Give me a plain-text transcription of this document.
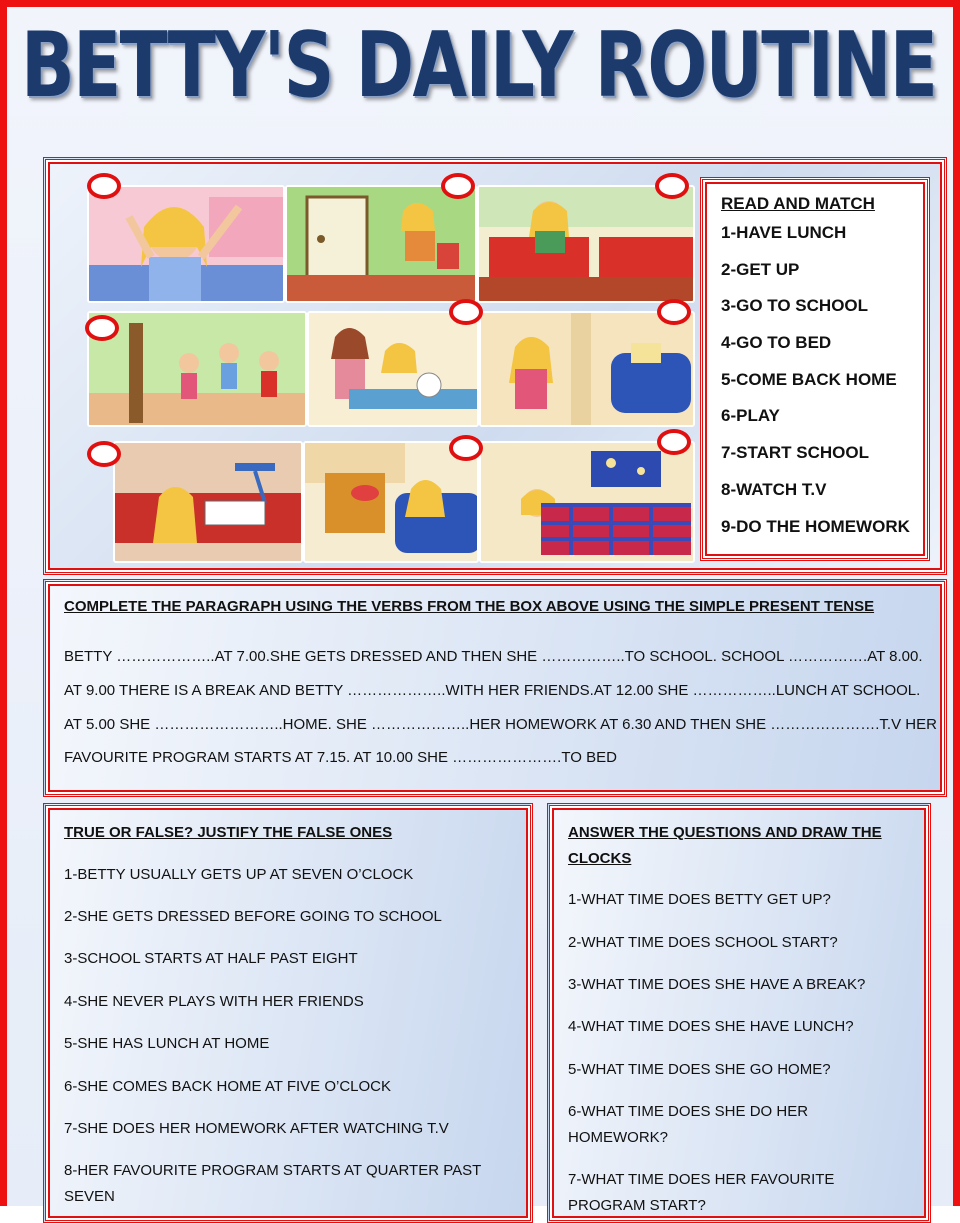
BETTY'S DAILY ROUTINE
READ AND MATCH
1-HAVE LUNCH
2-GET UP
3-GO TO SCHOOL
4-GO TO BED
5-COME BACK HOME
6-PLAY
7-START SCHOOL
8-WATCH T.V
9-DO THE HOMEWORK
COMPLETE THE PARAGRAPH USING THE VERBS FROM THE BOX ABOVE USING THE SIMPLE PRESENT TENSE
BETTY ………………..AT 7.00.SHE GETS DRESSED AND THEN SHE ……………..TO SCHOOL. SCHOOL …………….AT 8.00.
AT 9.00 THERE IS A BREAK AND BETTY ………………..WITH HER FRIENDS.AT 12.00 SHE ……………..LUNCH AT SCHOOL.
AT 5.00 SHE ……………………..HOME. SHE ………………..HER HOMEWORK AT 6.30 AND THEN SHE ………………….T.V HER
FAVOURITE PROGRAM STARTS AT 7.15. AT 10.00 SHE ………………….TO BED
TRUE OR FALSE? JUSTIFY THE FALSE ONES
1-BETTY USUALLY GETS UP AT SEVEN O’CLOCK
2-SHE GETS DRESSED BEFORE GOING TO SCHOOL
3-SCHOOL STARTS AT HALF PAST EIGHT
4-SHE NEVER PLAYS WITH HER FRIENDS
5-SHE HAS LUNCH AT HOME
6-SHE COMES BACK HOME AT FIVE O’CLOCK
7-SHE DOES HER HOMEWORK AFTER WATCHING T.V
8-HER FAVOURITE PROGRAM STARTS AT QUARTER PAST
SEVEN
ANSWER THE QUESTIONS AND DRAW THE
CLOCKS
1-WHAT TIME DOES BETTY GET UP?
2-WHAT TIME DOES SCHOOL START?
3-WHAT TIME DOES SHE HAVE A BREAK?
4-WHAT TIME DOES SHE HAVE LUNCH?
5-WHAT TIME DOES SHE GO HOME?
6-WHAT TIME DOES SHE DO HER
HOMEWORK?
7-WHAT TIME DOES HER FAVOURITE
PROGRAM START?
